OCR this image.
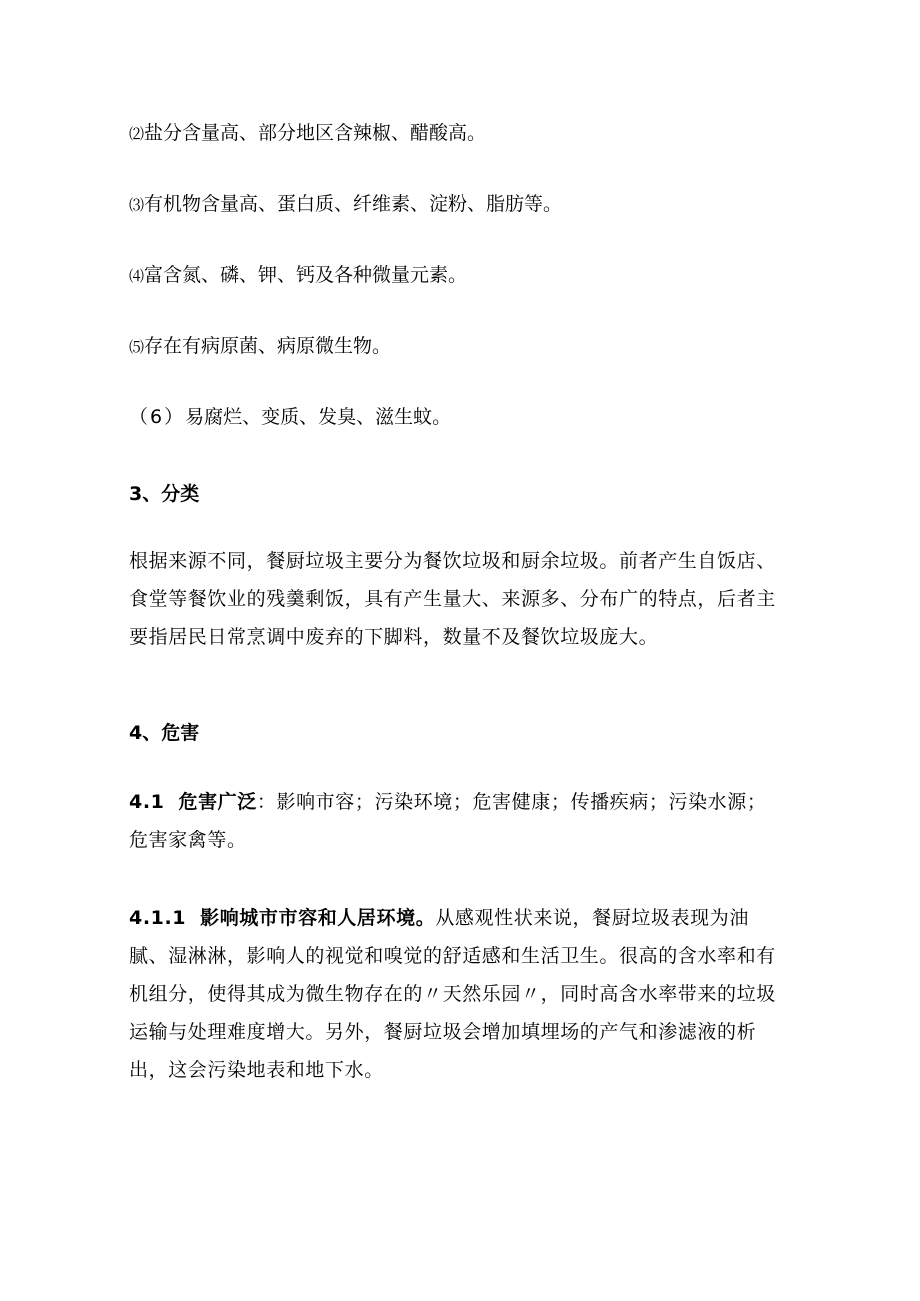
⑵盐分含量高、部分地区含辣椒、醋酸高。
⑶有机物含量高、蛋白质、纤维素、淀粉、脂肪等。
⑷富含氮、磷、钾、钙及各种微量元素。
⑸存在有病原菌、病原微生物。
（6）易腐烂、变质、发臭、滋生蚊。
3、分类
根据来源不同，餐厨垃圾主要分为餐饮垃圾和厨余垃圾。前者产生自饭店、
食堂等餐饮业的残羹剩饭，具有产生量大、来源多、分布广的特点，后者主
要指居民日常烹调中废弃的下脚料，数量不及餐饮垃圾庞大。
4、危害
4.1 危害广泛：影响市容；污染环境；危害健康；传播疾病；污染水源；
危害家禽等。
4.1.1 影响城市市容和人居环境。从感观性状来说，餐厨垃圾表现为油
腻、湿淋淋，影响人的视觉和嗅觉的舒适感和生活卫生。很高的含水率和有
机组分，使得其成为微生物存在的〃天然乐园〃，同时高含水率带来的垃圾
运输与处理难度增大。另外，餐厨垃圾会增加填埋场的产气和渗滤液的析
出，这会污染地表和地下水。
